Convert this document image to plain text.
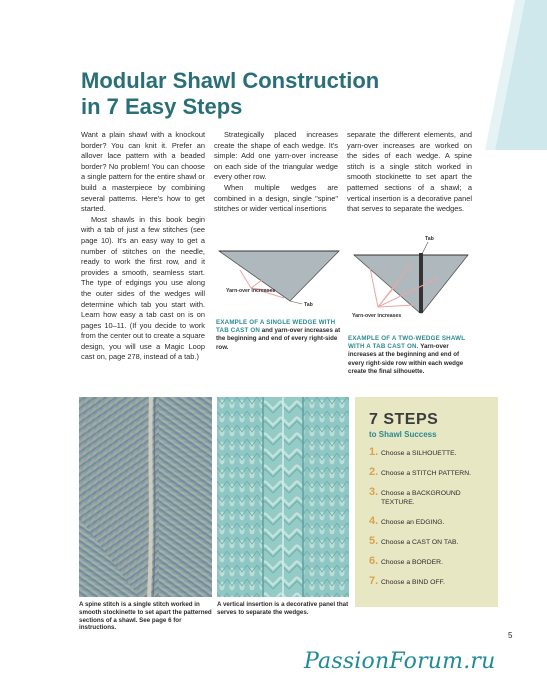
Modular Shawl Construction
in 7 Easy Steps

Want a plain shawl with a knockout border? You can knit it. Prefer an allover lace pattern with a beaded border? No problem! You can choose a single pattern for the entire shawl or build a masterpiece by combining several patterns. Here's how to get started.

Most shawls in this book begin with a tab of just a few stitches (see page 10). It's an easy way to get a number of stitches on the needle, ready to work the first row, and it provides a smooth, seamless start. The type of edgings you use along the outer sides of the wedges will determine which tab you start with. Learn how easy a tab cast on is on pages 10–11. (If you decide to work from the center out to create a square design, you will use a Magic Loop cast on, page 278, instead of a tab.)

Strategically placed increases create the shape of each wedge. It's simple: Add one yarn-over increase on each side of the triangular wedge every other row.

When multiple wedges are combined in a design, single "spine" stitches or wider vertical insertions

separate the different elements, and yarn-over increases are worked on the sides of each wedge. A spine stitch is a single stitch worked in smooth stockinette to set apart the patterned sections of a shawl; a vertical insertion is a decorative panel that serves to separate the wedges.

Yarn-over increases
Tab
EXAMPLE OF A SINGLE WEDGE WITH TAB CAST ON and yarn-over increases at the beginning and end of every right-side row.
Tab
Yarn-over increases
EXAMPLE OF A TWO-WEDGE SHAWL WITH A TAB CAST ON. Yarn-over increases at the beginning and end of every right-side row within each wedge create the final silhouette.
A spine stitch is a single stitch worked in smooth stockinette to set apart the patterned sections of a shawl. See page 6 for instructions.
A vertical insertion is a decorative panel that serves to separate the wedges.
7 STEPS
to Shawl Success
1. Choose a SILHOUETTE.
2. Choose a STITCH PATTERN.
3. Choose a BACKGROUND TEXTURE.
4. Choose an EDGING.
5. Choose a CAST ON TAB.
6. Choose a BORDER.
7. Choose a BIND OFF.
5
PassionForum.ru
